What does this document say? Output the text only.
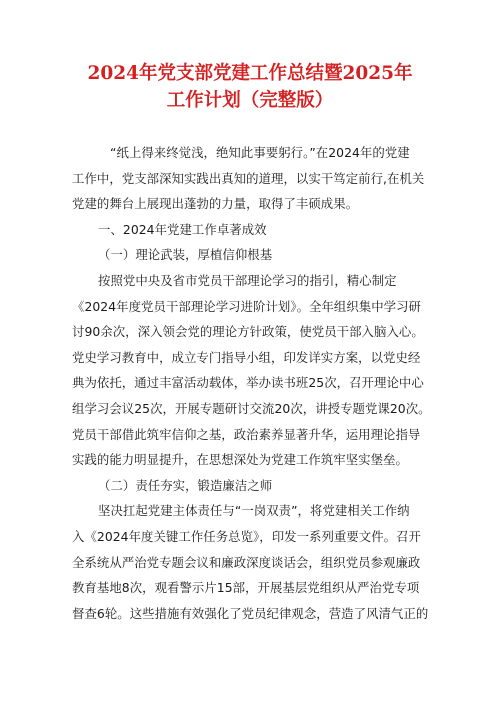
2024年党支部党建工作总结暨2025年
工作计划（完整版）
“纸上得来终觉浅，绝知此事要躬行。”在2024年的党建
工作中，党支部深知实践出真知的道理，以实干笃定前行,在机关
党建的舞台上展现出蓬勃的力量，取得了丰硕成果。
一、2024年党建工作卓著成效
（一）理论武装，厚植信仰根基
按照党中央及省市党员干部理论学习的指引，精心制定
《2024年度党员干部理论学习进阶计划》。全年组织集中学习研
讨90余次，深入领会党的理论方针政策，使党员干部入脑入心。
党史学习教育中，成立专门指导小组，印发详实方案，以党史经
典为依托，通过丰富活动载体，举办读书班25次，召开理论中心
组学习会议25次，开展专题研讨交流20次，讲授专题党课20次。
党员干部借此筑牢信仰之基，政治素养显著升华，运用理论指导
实践的能力明显提升，在思想深处为党建工作筑牢坚实堡垒。
（二）责任夯实，锻造廉洁之师
坚决扛起党建主体责任与“一岗双责”，将党建相关工作纳
入《2024年度关键工作任务总览》，印发一系列重要文件。召开
全系统从严治党专题会议和廉政深度谈话会，组织党员参观廉政
教育基地8次，观看警示片15部，开展基层党组织从严治党专项
督查6轮。这些措施有效强化了党员纪律观念，营造了风清气正的
